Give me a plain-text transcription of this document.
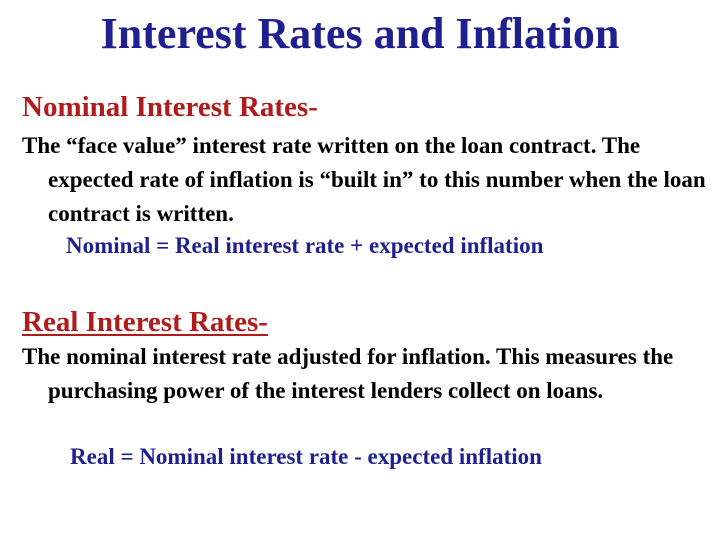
Interest Rates and Inflation
Nominal Interest Rates-

The “face value” interest rate written on the loan contract. The expected rate of inflation is “built in” to this number when the loan contract is written.

Nominal = Real interest rate + expected inflation

Real Interest Rates-

The nominal interest rate adjusted for inflation. This measures the purchasing power of the interest lenders collect on loans.

Real = Nominal interest rate - expected inflation
